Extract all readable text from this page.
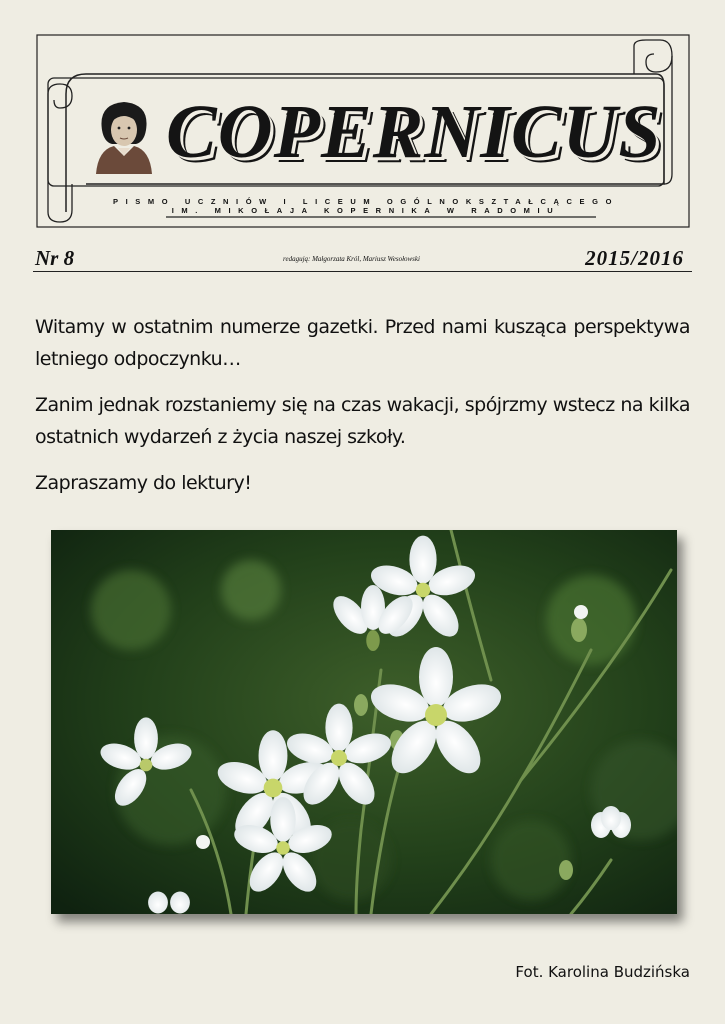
COPERNICUS
PISMO UCZNIÓW I LICEUM OGÓLNOKSZTAŁCĄCEGO
IM. MIKOŁAJA KOPERNIKA W RADOMIU
Nr 8	redagują: Małgorzata Król, Mariusz Wesołowski	2015/2016

Witamy w ostatnim numerze gazetki. Przed nami kusząca perspektywa letniego odpoczynku…

Zanim jednak rozstaniemy się na czas wakacji, spójrzmy wstecz na kilka ostatnich wydarzeń z życia naszej szkoły.

Zapraszamy do lektury!

Fot. Karolina Budzińska
